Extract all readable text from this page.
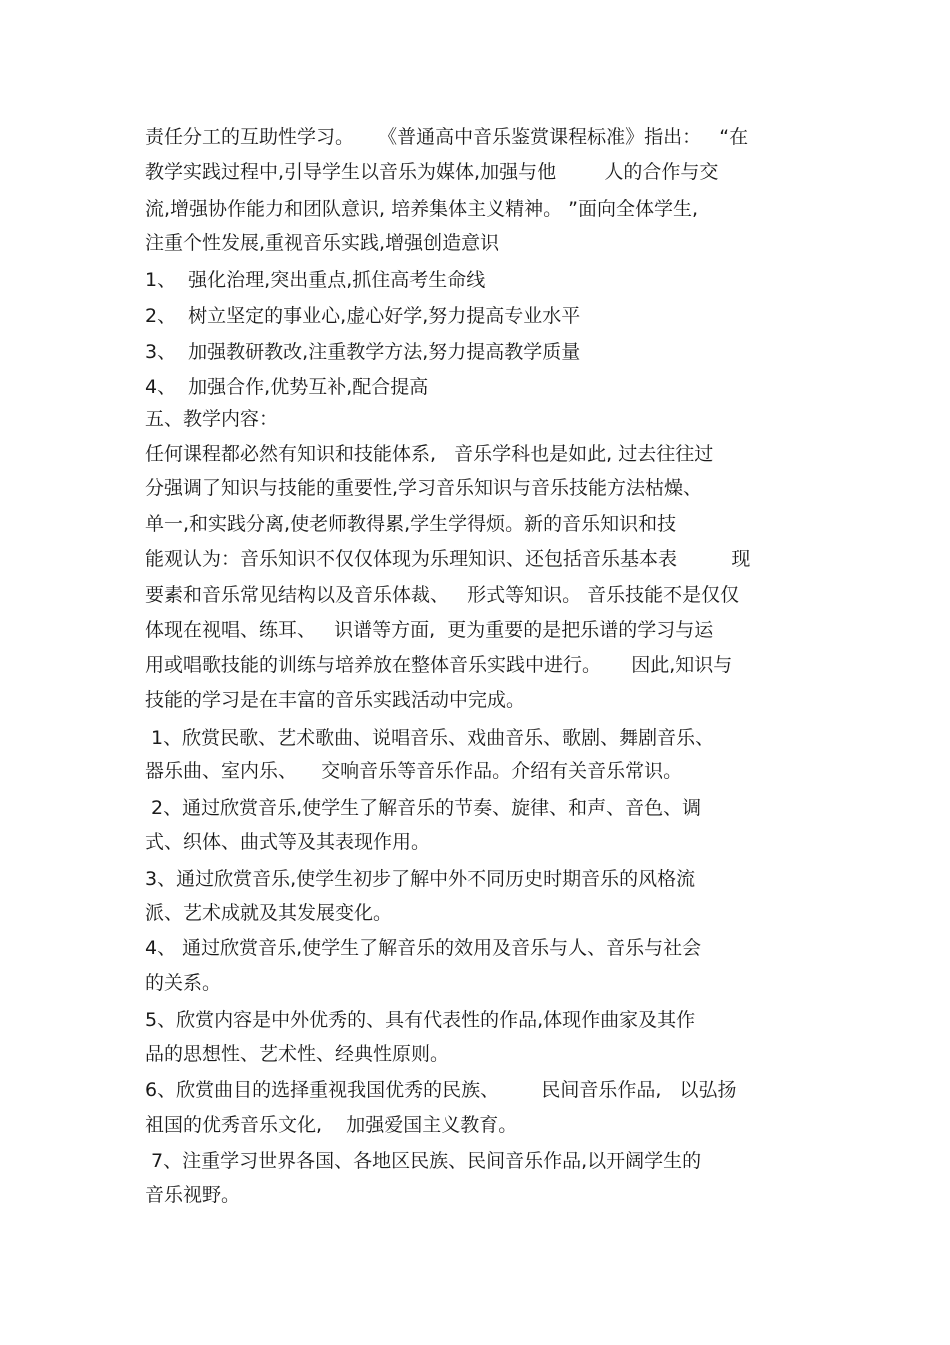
责任分工的互助性学习。    《普通高中音乐鉴赏课程标准》指出：   “在

教学实践过程中,引导学生以音乐为媒体,加强与他        人的合作与交

流,增强协作能力和团队意识, 培养集体主义精神。 ”面向全体学生,

注重个性发展,重视音乐实践,增强创造意识

1、  强化治理,突出重点,抓住高考生命线

2、  树立坚定的事业心,虚心好学,努力提高专业水平

3、  加强教研教改,注重教学方法,努力提高教学质量

4、  加强合作,优势互补,配合提高

五、教学内容：

任何课程都必然有知识和技能体系,   音乐学科也是如此, 过去往往过

分强调了知识与技能的重要性,学习音乐知识与音乐技能方法枯燥、

单一,和实践分离,使老师教得累,学生学得烦。新的音乐知识和技

能观认为：音乐知识不仅仅体现为乐理知识、还包括音乐基本表         现

要素和音乐常见结构以及音乐体裁、   形式等知识。 音乐技能不是仅仅

体现在视唱、练耳、   识谱等方面,  更为重要的是把乐谱的学习与运

用或唱歌技能的训练与培养放在整体音乐实践中进行。     因此,知识与

技能的学习是在丰富的音乐实践活动中完成。

1、欣赏民歌、艺术歌曲、说唱音乐、戏曲音乐、歌剧、舞剧音乐、

器乐曲、室内乐、    交响音乐等音乐作品。介绍有关音乐常识。

2、通过欣赏音乐,使学生了解音乐的节奏、旋律、和声、音色、调

式、织体、曲式等及其表现作用。

3、通过欣赏音乐,使学生初步了解中外不同历史时期音乐的风格流

派、艺术成就及其发展变化。

4、 通过欣赏音乐,使学生了解音乐的效用及音乐与人、音乐与社会

的关系。

5、欣赏内容是中外优秀的、具有代表性的作品,体现作曲家及其作

品的思想性、艺术性、经典性原则。

6、欣赏曲目的选择重视我国优秀的民族、       民间音乐作品,   以弘扬

祖国的优秀音乐文化,    加强爱国主义教育。

7、注重学习世界各国、各地区民族、民间音乐作品,以开阔学生的

音乐视野。
